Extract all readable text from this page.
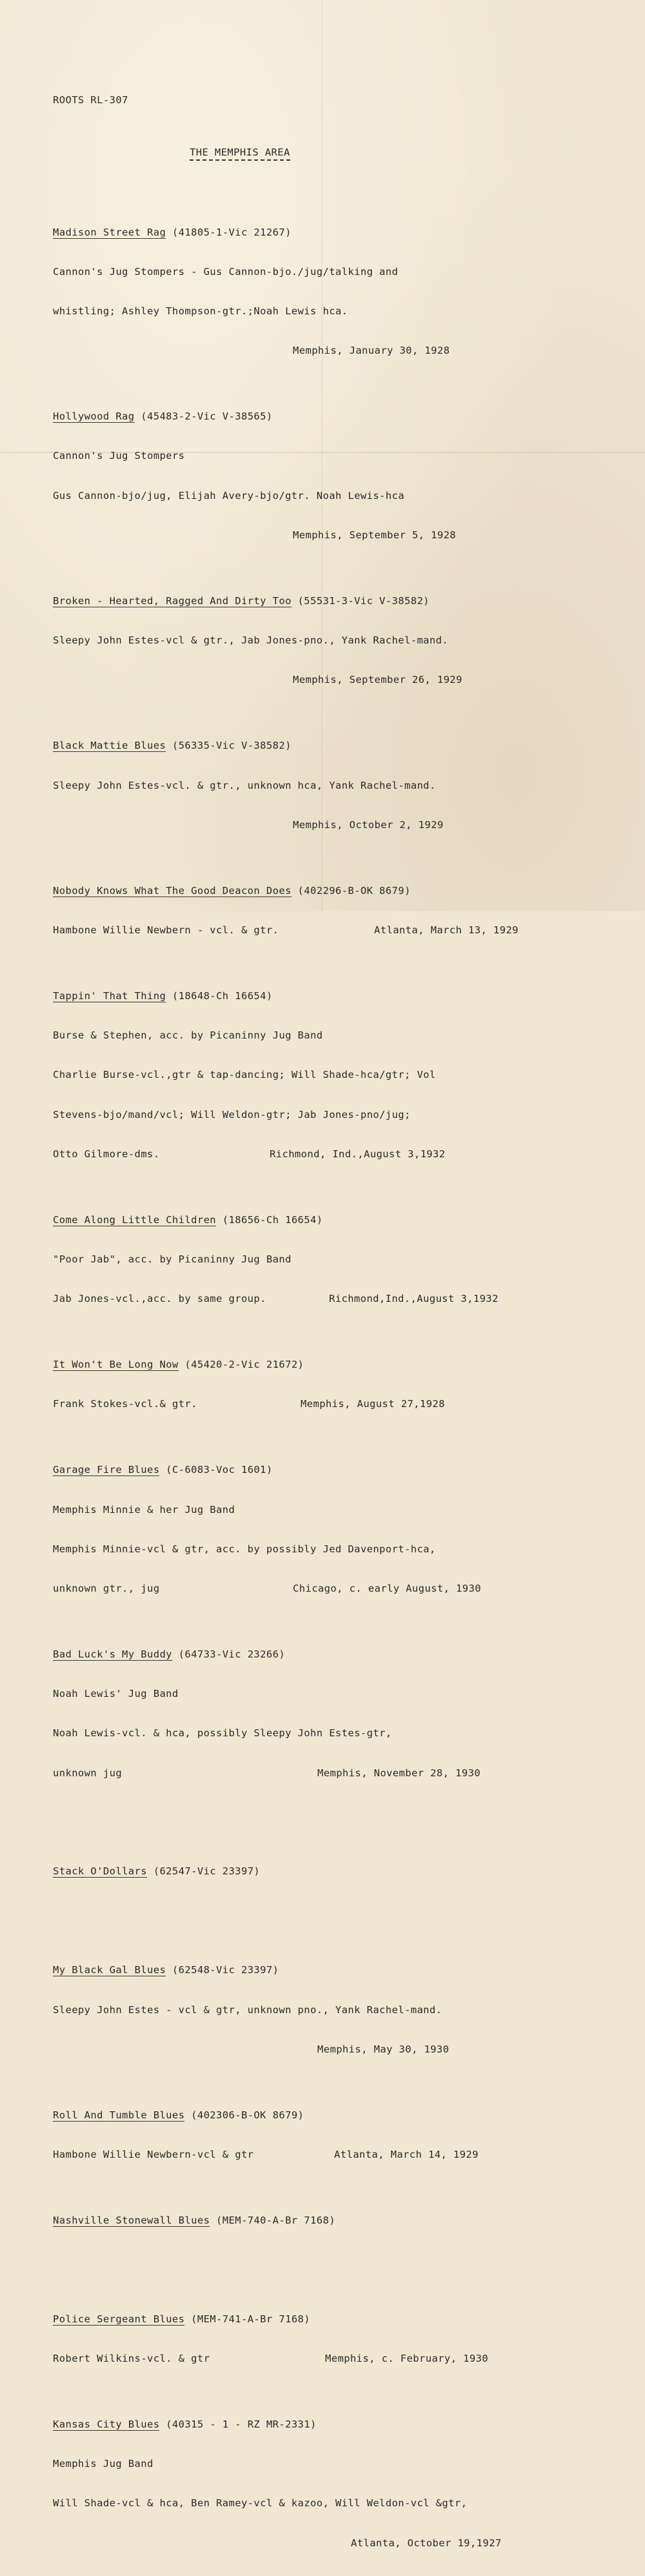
ROOTS RL-307

THE MEMPHIS AREA

Madison Street Rag (41805-1-Vic 21267)

Cannon's Jug Stompers - Gus Cannon-bjo./jug/talking and

whistling; Ashley Thompson-gtr.;Noah Lewis hca.

Memphis, January 30, 1928

Hollywood Rag (45483-2-Vic V-38565)

Cannon's Jug Stompers

Gus Cannon-bjo/jug, Elijah Avery-bjo/gtr. Noah Lewis-hca

Memphis, September 5, 1928

Broken - Hearted, Ragged And Dirty Too (55531-3-Vic V-38582)

Sleepy John Estes-vcl & gtr., Jab Jones-pno., Yank Rachel-mand.

Memphis, September 26, 1929

Black Mattie Blues (56335-Vic V-38582)

Sleepy John Estes-vcl. & gtr., unknown hca, Yank Rachel-mand.

Memphis, October 2, 1929

Nobody Knows What The Good Deacon Does (402296-B-OK 8679)

Hambone Willie Newbern - vcl. & gtr.	Atlanta, March 13, 1929

Tappin' That Thing (18648-Ch 16654)

Burse & Stephen, acc. by Picaninny Jug Band

Charlie Burse-vcl.,gtr & tap-dancing; Will Shade-hca/gtr; Vol

Stevens-bjo/mand/vcl; Will Weldon-gtr; Jab Jones-pno/jug;

Otto Gilmore-dms.	Richmond, Ind.,August 3,1932

Come Along Little Children (18656-Ch 16654)

"Poor Jab", acc. by Picaninny Jug Band

Jab Jones-vcl.,acc. by same group.	Richmond,Ind.,August 3,1932

It Won't Be Long Now (45420-2-Vic 21672)

Frank Stokes-vcl.& gtr.	Memphis, August 27,1928

Garage Fire Blues (C-6083-Voc 1601)

Memphis Minnie & her Jug Band

Memphis Minnie-vcl & gtr, acc. by possibly Jed Davenport-hca,

unknown gtr., jug	Chicago, c. early August, 1930

Bad Luck's My Buddy (64733-Vic 23266)

Noah Lewis' Jug Band

Noah Lewis-vcl. & hca, possibly Sleepy John Estes-gtr,

unknown jug	Memphis, November 28, 1930

Stack O'Dollars (62547-Vic 23397)

My Black Gal Blues (62548-Vic 23397)

Sleepy John Estes - vcl & gtr, unknown pno., Yank Rachel-mand.

Memphis, May 30, 1930

Roll And Tumble Blues (402306-B-OK 8679)

Hambone Willie Newbern-vcl & gtr	Atlanta, March 14, 1929

Nashville Stonewall Blues (MEM-740-A-Br 7168)

Police Sergeant Blues (MEM-741-A-Br 7168)

Robert Wilkins-vcl. & gtr	Memphis, c. February, 1930

Kansas City Blues (40315 - 1 - RZ MR-2331)

Memphis Jug Band

Will Shade-vcl & hca, Ben Ramey-vcl & kazoo, Will Weldon-vcl &gtr,

Atlanta, October 19,1927
